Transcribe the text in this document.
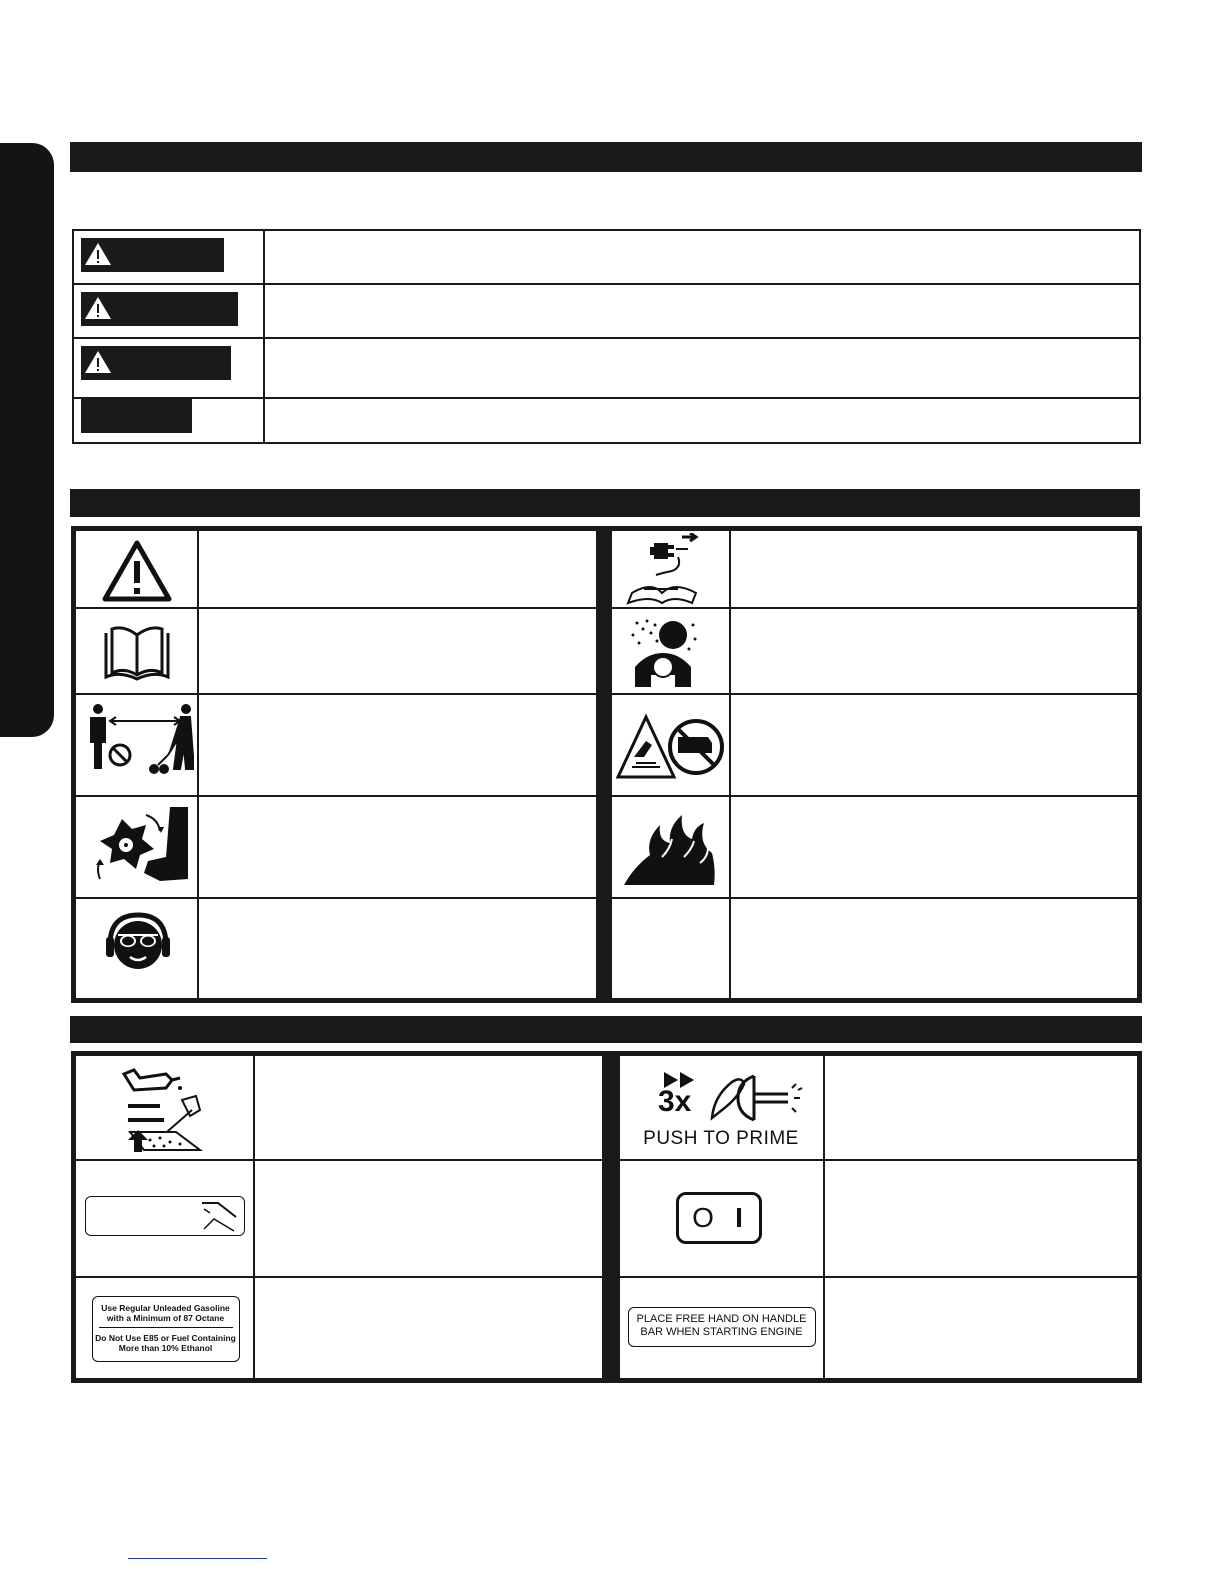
3x
PUSH TO PRIME
O I
Use Regular Unleaded Gasoline
with a Minimum of 87 Octane
Do Not Use E85 or Fuel Containing
More than 10% Ethanol
PLACE FREE HAND ON HANDLE
BAR WHEN STARTING ENGINE
